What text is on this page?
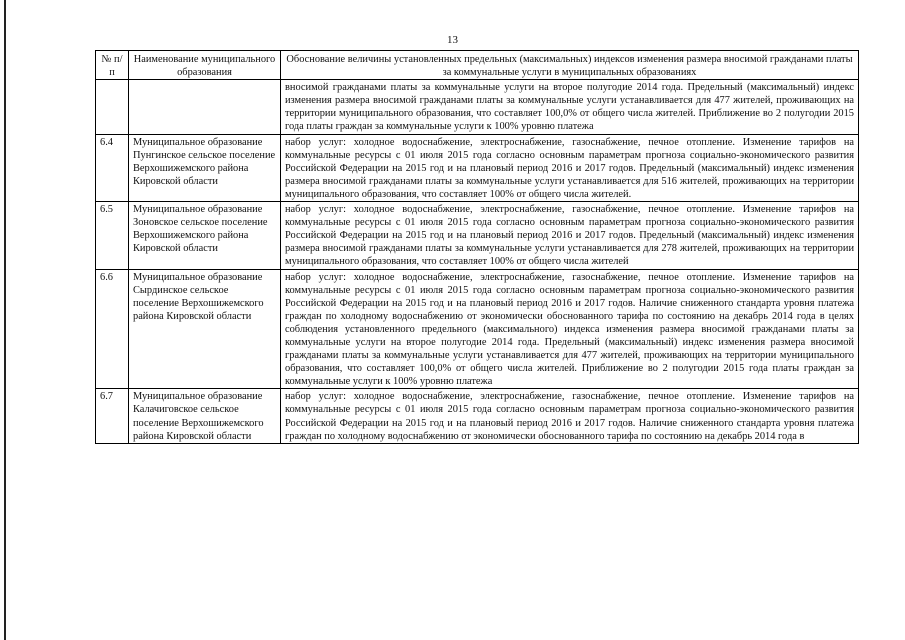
13
№ п/п	Наименование муниципального образования	Обоснование величины установленных предельных (максимальных) индексов изменения размера вносимой гражданами платы за коммунальные услуги в муниципальных образованиях
		вносимой гражданами платы за коммунальные услуги на второе полугодие 2014 года. Предельный (максимальный) индекс изменения размера вносимой гражданами платы за коммунальные услуги устанавливается для 477 жителей, проживающих на территории муниципального образования, что составляет 100,0% от общего числа жителей. Приближение во 2 полугодии 2015 года платы граждан за коммунальные услуги к 100% уровню платежа
6.4	Муниципальное образование Пунгинское сельское поселение Верхошижемского района Кировской области	набор услуг: холодное водоснабжение, электроснабжение, газоснабжение, печное отопление. Изменение тарифов на коммунальные ресурсы с 01 июля 2015 года согласно основным параметрам прогноза социально-экономического развития Российской Федерации на 2015 год и на плановый период 2016 и 2017 годов. Предельный (максимальный) индекс изменения размера вносимой гражданами платы за коммунальные услуги устанавливается для 516 жителей, проживающих на территории муниципального образования, что составляет 100% от общего числа жителей.
6.5	Муниципальное образование Зоновское сельское поселение Верхошижемского района Кировской области	набор услуг: холодное водоснабжение, электроснабжение, газоснабжение, печное отопление. Изменение тарифов на коммунальные ресурсы с 01 июля 2015 года согласно основным параметрам прогноза социально-экономического развития Российской Федерации на 2015 год и на плановый период 2016 и 2017 годов. Предельный (максимальный) индекс изменения размера вносимой гражданами платы за коммунальные услуги устанавливается для 278 жителей, проживающих на территории муниципального образования, что составляет 100% от общего числа жителей
6.6	Муниципальное образование Сырдинское сельское поселение Верхошижемского района Кировской области	набор услуг: холодное водоснабжение, электроснабжение, газоснабжение, печное отопление. Изменение тарифов на коммунальные ресурсы с 01 июля 2015 года согласно основным параметрам прогноза социально-экономического развития Российской Федерации на 2015 год и на плановый период 2016 и 2017 годов. Наличие сниженного стандарта уровня платежа граждан по холодному водоснабжению от экономически обоснованного тарифа по состоянию на декабрь 2014 года в целях соблюдения установленного предельного (максимального) индекса изменения размера вносимой гражданами платы за коммунальные услуги на второе полугодие 2014 года. Предельный (максимальный) индекс изменения размера вносимой гражданами платы за коммунальные услуги устанавливается для 477 жителей, проживающих на территории муниципального образования, что составляет 100,0% от общего числа жителей. Приближение во 2 полугодии 2015 года платы граждан за коммунальные услуги к 100% уровню платежа
6.7	Муниципальное образование Калачиговское сельское поселение Верхошижемского района Кировской области	набор услуг: холодное водоснабжение, электроснабжение, газоснабжение, печное отопление. Изменение тарифов на коммунальные ресурсы с 01 июля 2015 года согласно основным параметрам прогноза социально-экономического развития Российской Федерации на 2015 год и на плановый период 2016 и 2017 годов. Наличие сниженного стандарта уровня платежа граждан по холодному водоснабжению от экономически обоснованного тарифа по состоянию на декабрь 2014 года в
